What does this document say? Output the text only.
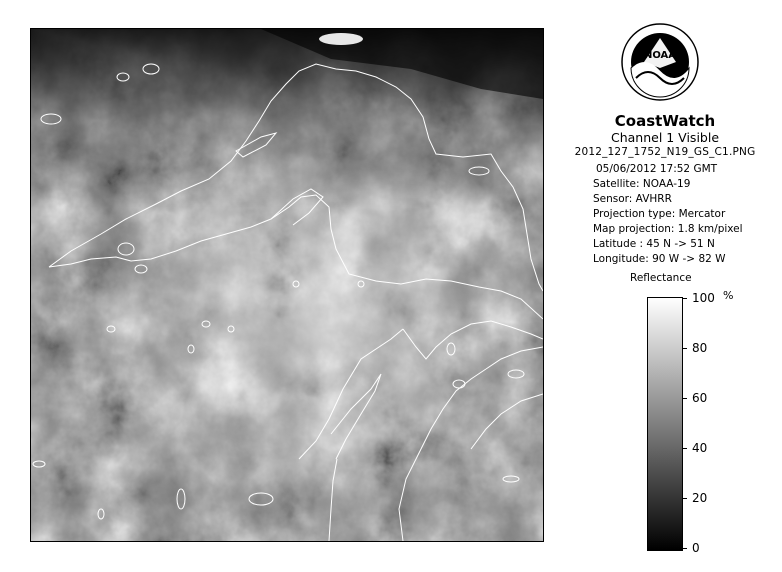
NOAA
CoastWatch
Channel 1 Visible
2012_127_1752_N19_GS_C1.PNG
05/06/2012 17:52 GMT
Satellite: NOAA-19
Sensor: AVHRR
Projection type: Mercator
Map projection: 1.8 km/pixel
Latitude : 45 N -> 51 N
Longitude: 90 W -> 82 W
Reflectance
%
100
80
60
40
20
0
